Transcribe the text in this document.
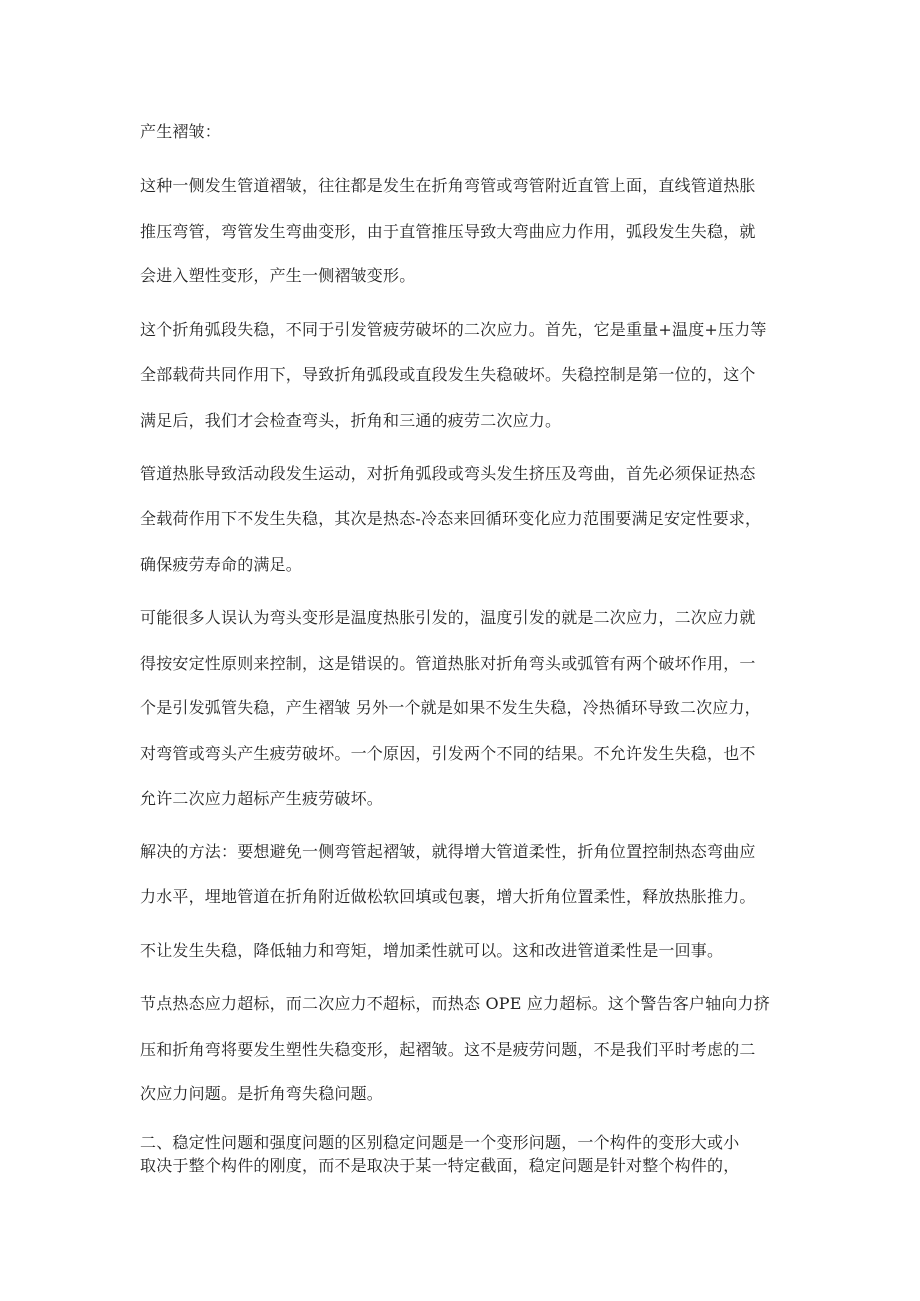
产生褶皱：
这种一侧发生管道褶皱，往往都是发生在折角弯管或弯管附近直管上面，直线管道热胀
推压弯管，弯管发生弯曲变形，由于直管推压导致大弯曲应力作用，弧段发生失稳，就
会进入塑性变形，产生一侧褶皱变形。
这个折角弧段失稳，不同于引发管疲劳破坏的二次应力。首先，它是重量+温度+压力等
全部载荷共同作用下，导致折角弧段或直段发生失稳破坏。失稳控制是第一位的，这个
满足后，我们才会检查弯头，折角和三通的疲劳二次应力。
管道热胀导致活动段发生运动，对折角弧段或弯头发生挤压及弯曲，首先必须保证热态
全载荷作用下不发生失稳，其次是热态-冷态来回循环变化应力范围要满足安定性要求，
确保疲劳寿命的满足。
可能很多人误认为弯头变形是温度热胀引发的，温度引发的就是二次应力，二次应力就
得按安定性原则来控制，这是错误的。管道热胀对折角弯头或弧管有两个破坏作用，一
个是引发弧管失稳，产生褶皱 另外一个就是如果不发生失稳，冷热循环导致二次应力，
对弯管或弯头产生疲劳破坏。一个原因，引发两个不同的结果。不允许发生失稳，也不
允许二次应力超标产生疲劳破坏。
解决的方法：要想避免一侧弯管起褶皱，就得增大管道柔性，折角位置控制热态弯曲应
力水平，埋地管道在折角附近做松软回填或包裹，增大折角位置柔性，释放热胀推力。
不让发生失稳，降低轴力和弯矩，增加柔性就可以。这和改进管道柔性是一回事。
节点热态应力超标，而二次应力不超标，而热态 OPE 应力超标。这个警告客户轴向力挤
压和折角弯将要发生塑性失稳变形，起褶皱。这不是疲劳问题，不是我们平时考虑的二
次应力问题。是折角弯失稳问题。
二、稳定性问题和强度问题的区别稳定问题是一个变形问题，一个构件的变形大或小
取决于整个构件的刚度，而不是取决于某一特定截面，稳定问题是针对整个构件的，
